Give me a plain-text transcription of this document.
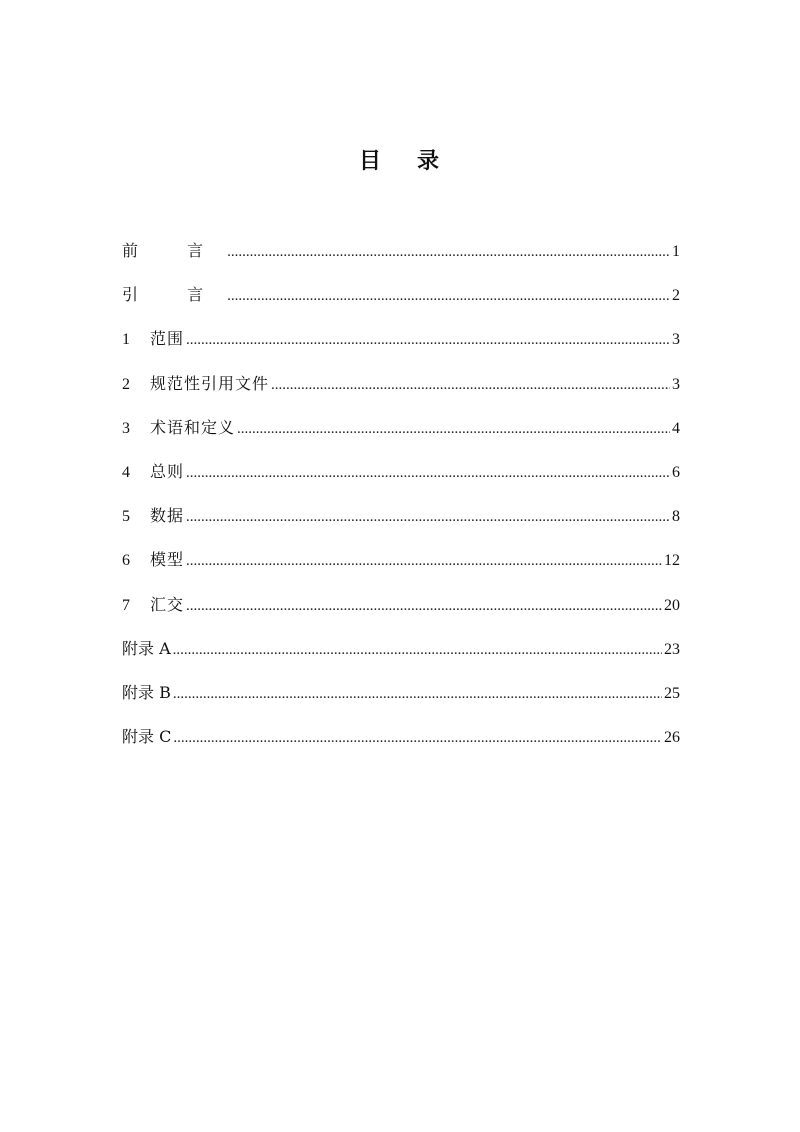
目 录
前 言 .....	1
引 言 .....	2
1	范围 .....	3
2	规范性引用文件 .....	3
3	术语和定义 .....	4
4	总则 .....	6
5	数据 .....	8
6	模型 .....	12
7	汇交 .....	20
附录 A .....	23
附录 B .....	25
附录 C .....	26
